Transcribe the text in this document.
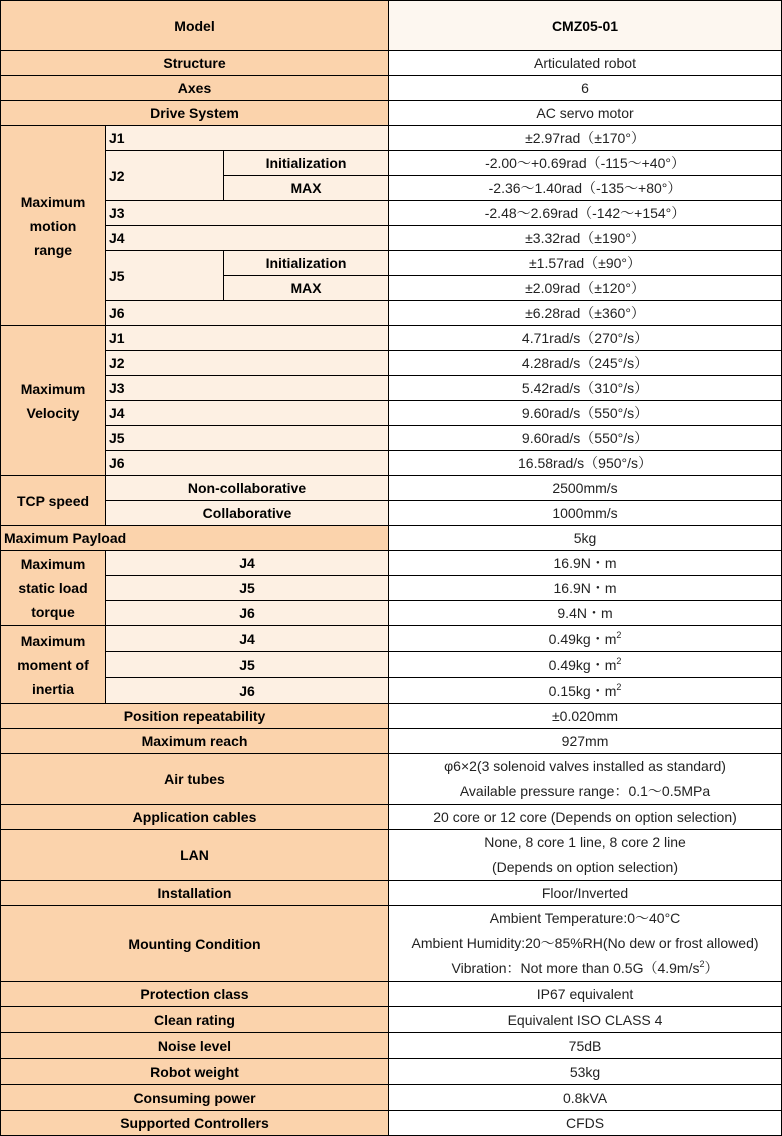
Model			CMZ05-01
Structure			Articulated robot
Axes			6
Drive System			AC servo motor

Maximum
motion
range	J1		±2.97rad（±170°）
	J2	Initialization	-2.00～+0.69rad（-115～+40°）
		MAX	-2.36～1.40rad（-135～+80°）
	J3		-2.48～2.69rad（-142～+154°）
	J4		±3.32rad（±190°）
	J5	Initialization	±1.57rad（±90°）
		MAX	±2.09rad（±120°）
	J6		±6.28rad（±360°）

Maximum
Velocity	J1		4.71rad/s（270°/s）
	J2		4.28rad/s（245°/s）
	J3		5.42rad/s（310°/s）
	J4		9.60rad/s（550°/s）
	J5		9.60rad/s（550°/s）
	J6		16.58rad/s（950°/s）
TCP speed	Non-collaborative		2500mm/s
	Collaborative		1000mm/s
Maximum Payload			5kg

Maximum
static load
torque	J4		16.9N・m
	J5		16.9N・m
	J6		9.4N・m

Maximum
moment of
inertia	J4		0.49kg・$m^2$
	J5		0.49kg・$m^2$
	J6		0.15kg・$m^2$
Position repeatability			±0.020mm
Maximum reach			927mm
Air tubes			φ6×2(3 solenoid valves installed as standard)
Available pressure range：0.1～0.5MPa

Application cables			20 core or 12 core (Depends on option selection)
LAN			None, 8 core 1 line, 8 core 2 line
(Depends on option selection)

Installation			Floor/Inverted
Mounting Condition			Ambient Temperature:0～40°C
Ambient Humidity:20～85%RH(No dew or frost allowed)
Vibration：Not more than $0.5G(4.9m/s^2)$

Protection class			IP67 equivalent
Clean rating			Equivalent ISO CLASS 4
Noise level			75dB
Robot weight			53kg
Consuming power			0.8kVA
Supported Controllers			CFDS
